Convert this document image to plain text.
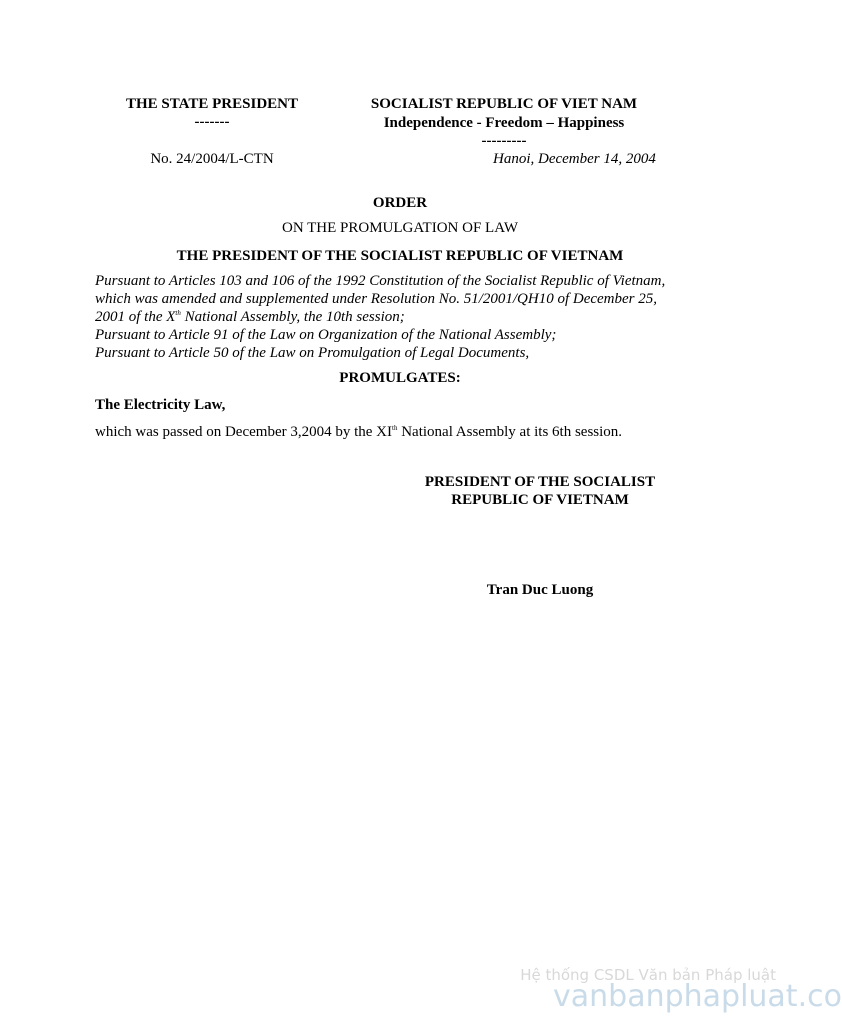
THE STATE PRESIDENT
-------
SOCIALIST REPUBLIC OF VIET NAM
Independence - Freedom – Happiness
---------
No. 24/2004/L-CTN	Hanoi, December 14, 2004
ORDER
ON THE PROMULGATION OF LAW
THE PRESIDENT OF THE SOCIALIST REPUBLIC OF VIETNAM
Pursuant to Articles 103 and 106 of the 1992 Constitution of the Socialist Republic of Vietnam,
which was amended and supplemented under Resolution No. 51/2001/QH10 of December 25,
2001 of the Xth National Assembly, the 10th session;
Pursuant to Article 91 of the Law on Organization of the National Assembly;
Pursuant to Article 50 of the Law on Promulgation of Legal Documents,
PROMULGATES:
The Electricity Law,
which was passed on December 3,2004 by the XIth National Assembly at its 6th session.
PRESIDENT OF THE SOCIALIST
REPUBLIC OF VIETNAM
Tran Duc Luong
Hệ thống CSDL Văn bản Pháp luật
vanbanphapluat.co
